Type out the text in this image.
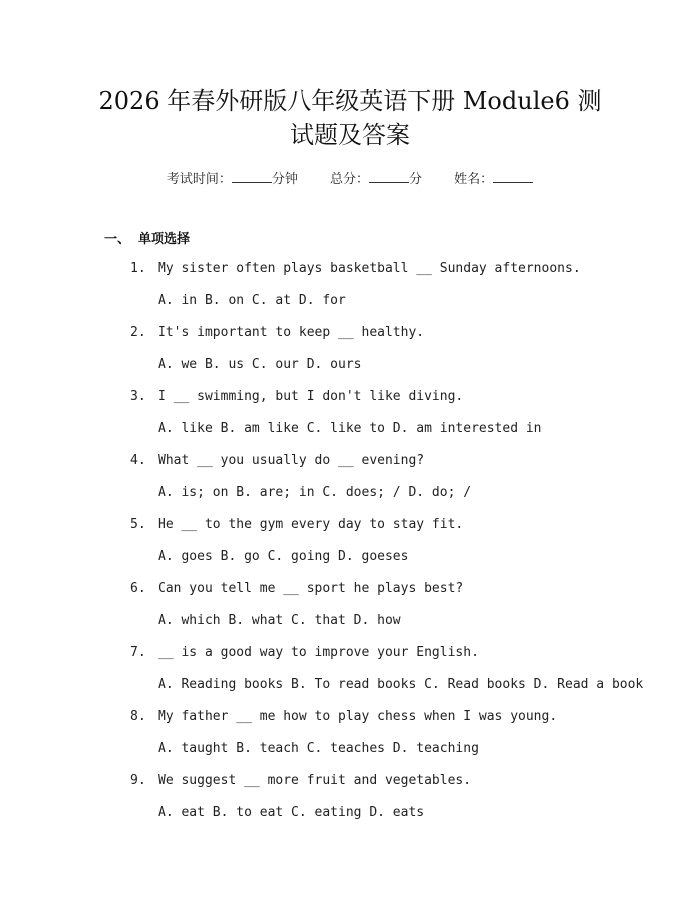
2026 年春外研版八年级英语下册 Module6 测
试题及答案
考试时间：	分钟 总分：	分 姓名：
一、 单项选择
1. My sister often plays basketball __ Sunday afternoons.
A. in B. on C. at D. for
2. It's important to keep __ healthy.
A. we B. us C. our D. ours
3. I __ swimming, but I don't like diving.
A. like B. am like C. like to D. am interested in
4. What __ you usually do __ evening?
A. is; on B. are; in C. does; / D. do; /
5. He __ to the gym every day to stay fit.
A. goes B. go C. going D. goeses
6. Can you tell me __ sport he plays best?
A. which B. what C. that D. how
7. __ is a good way to improve your English.
A. Reading books B. To read books C. Read books D. Read a book
8. My father __ me how to play chess when I was young.
A. taught B. teach C. teaches D. teaching
9. We suggest __ more fruit and vegetables.
A. eat B. to eat C. eating D. eats
